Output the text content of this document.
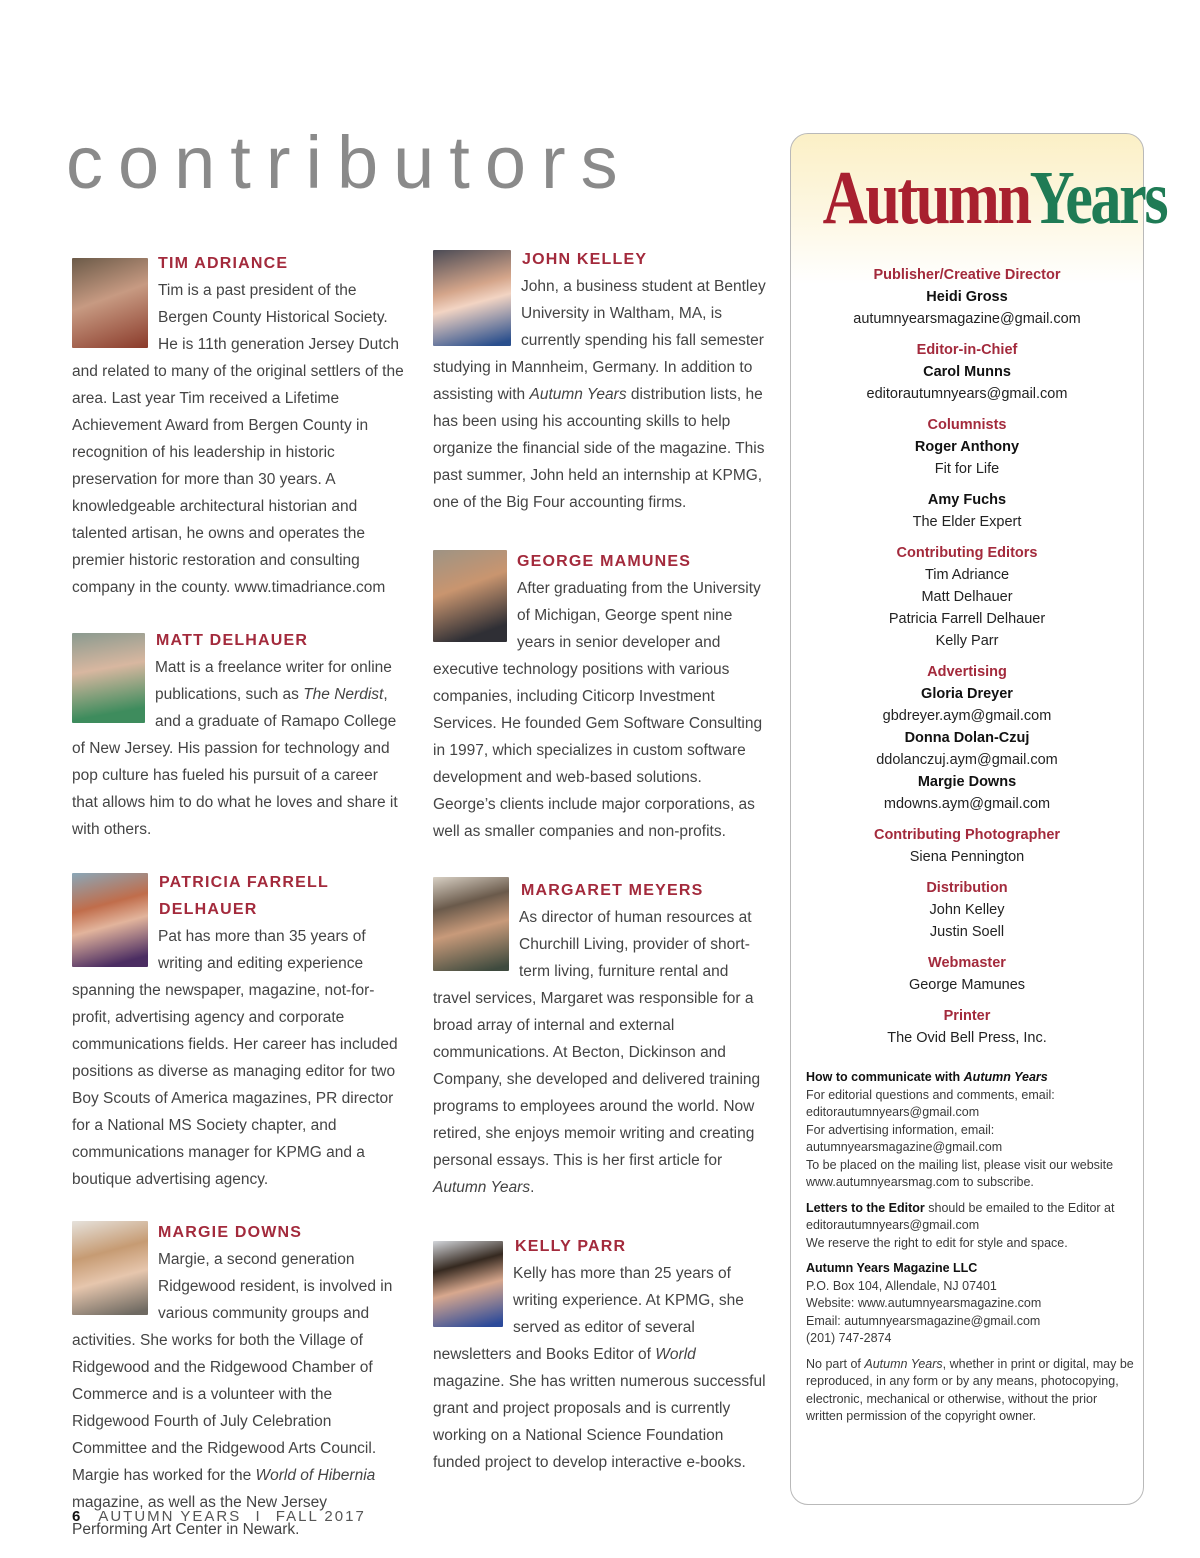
contributors
TIM ADRIANCE

Tim is a past president of the Bergen County Historical Society. He is 11th generation Jersey Dutch and related to many of the original settlers of the area. Last year Tim received a Lifetime Achievement Award from Bergen County in recognition of his leadership in historic preservation for more than 30 years. A knowledgeable architectural historian and talented artisan, he owns and operates the premier historic restoration and consulting company in the county. www.timadriance.com

MATT DELHAUER

Matt is a freelance writer for online publications, such as The Nerdist, and a graduate of Ramapo College of New Jersey. His passion for technology and pop culture has fueled his pursuit of a career that allows him to do what he loves and share it with others.

PATRICIA FARRELL
DELHAUER

Pat has more than 35 years of writing and editing experience spanning the newspaper, magazine, not-for-profit, advertising agency and corporate communications fields. Her career has included positions as diverse as managing editor for two Boy Scouts of America magazines, PR director for a National MS Society chapter, and communications manager for KPMG and a boutique advertising agency.

MARGIE DOWNS

Margie, a second generation Ridgewood resident, is involved in various community groups and activities. She works for both the Village of Ridgewood and the Ridgewood Chamber of Commerce and is a volunteer with the Ridgewood Fourth of July Celebration Committee and the Ridgewood Arts Council. Margie has worked for the World of Hibernia magazine, as well as the New Jersey Performing Art Center in Newark.

JOHN KELLEY

John, a business student at Bentley University in Waltham, MA, is currently spending his fall semester studying in Mannheim, Germany. In addition to assisting with Autumn Years distribution lists, he has been using his accounting skills to help organize the financial side of the magazine. This past summer, John held an internship at KPMG, one of the Big Four accounting firms.

GEORGE MAMUNES

After graduating from the University of Michigan, George spent nine years in senior developer and executive technology positions with various companies, including Citicorp Investment Services. He founded Gem Software Consulting in 1997, which specializes in custom software development and web-based solutions. George’s clients include major corporations, as well as smaller companies and non-profits.

MARGARET MEYERS

As director of human resources at Churchill Living, provider of short-term living, furniture rental and travel services, Margaret was responsible for a broad array of internal and external communications. At Becton, Dickinson and Company, she developed and delivered training programs to employees around the world. Now retired, she enjoys memoir writing and creating personal essays. This is her first article for Autumn Years.

KELLY PARR

Kelly has more than 25 years of writing experience. At KPMG, she served as editor of several newsletters and Books Editor of World magazine. She has written numerous successful grant and project proposals and is currently working on a National Science Foundation funded project to develop interactive e-books.

AutumnYears
Publisher/Creative Director
Heidi Gross
autumnyearsmagazine@gmail.com
Editor-in-Chief
Carol Munns
editorautumnyears@gmail.com
Columnists
Roger Anthony
Fit for Life
Amy Fuchs
The Elder Expert
Contributing Editors
Tim Adriance
Matt Delhauer
Patricia Farrell Delhauer
Kelly Parr
Advertising
Gloria Dreyer
gbdreyer.aym@gmail.com
Donna Dolan-Czuj
ddolanczuj.aym@gmail.com
Margie Downs
mdowns.aym@gmail.com
Contributing Photographer
Siena Pennington
Distribution
John Kelley
Justin Soell
Webmaster
George Mamunes
Printer
The Ovid Bell Press, Inc.
How to communicate with Autumn Years
For editorial questions and comments, email:
editorautumnyears@gmail.com
For advertising information, email:
autumnyearsmagazine@gmail.com
To be placed on the mailing list, please visit our website
www.autumnyearsmag.com to subscribe.
Letters to the Editor should be emailed to the Editor at editorautumnyears@gmail.com
We reserve the right to edit for style and space.
Autumn Years Magazine LLC
P.O. Box 104, Allendale, NJ 07401
Website: www.autumnyearsmagazine.com
Email: autumnyearsmagazine@gmail.com
(201) 747-2874
No part of Autumn Years, whether in print or digital, may be reproduced, in any form or by any means, photocopying, electronic, mechanical or otherwise, without the prior written permission of the copyright owner.
6 AUTUMN YEARS I FALL 2017
